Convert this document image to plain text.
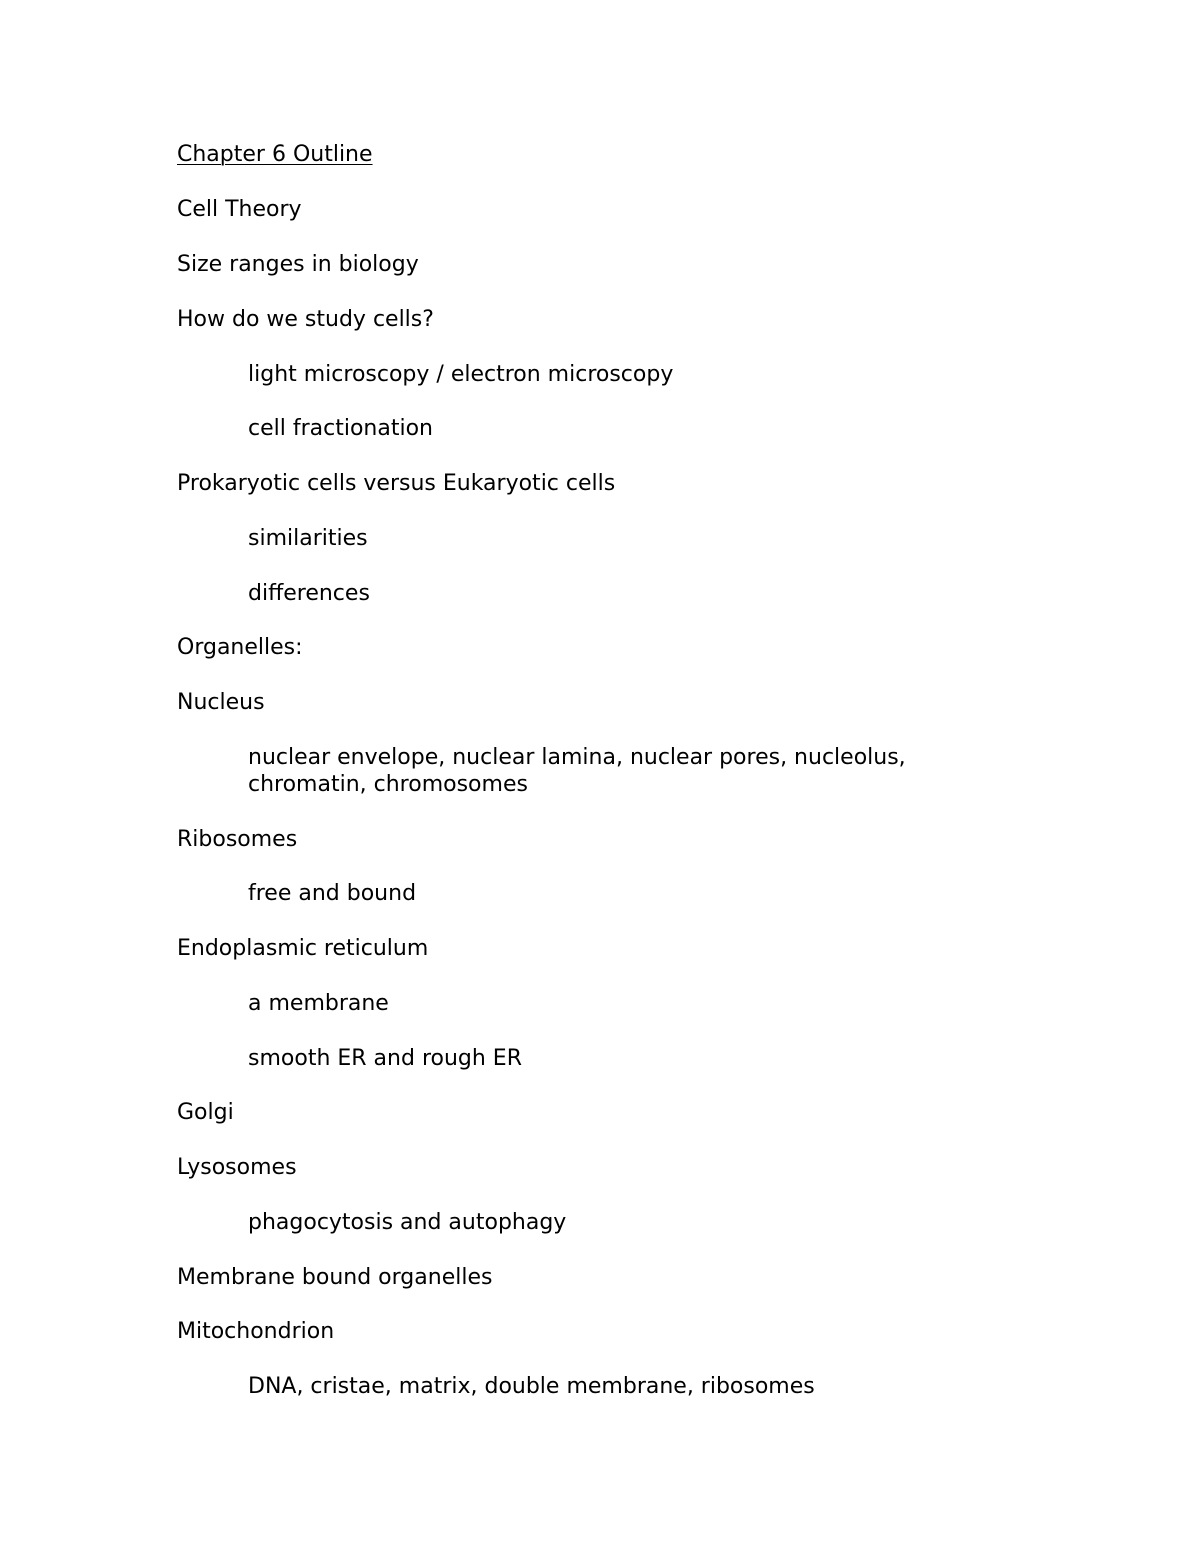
Chapter 6 Outline
Cell Theory
Size ranges in biology
How do we study cells?
light microscopy / electron microscopy
cell fractionation
Prokaryotic cells versus Eukaryotic cells
similarities
differences
Organelles:
Nucleus
nuclear envelope, nuclear lamina, nuclear pores, nucleolus,
chromatin, chromosomes
Ribosomes
free and bound
Endoplasmic reticulum
a membrane
smooth ER and rough ER
Golgi
Lysosomes
phagocytosis and autophagy
Membrane bound organelles
Mitochondrion
DNA, cristae, matrix, double membrane, ribosomes
